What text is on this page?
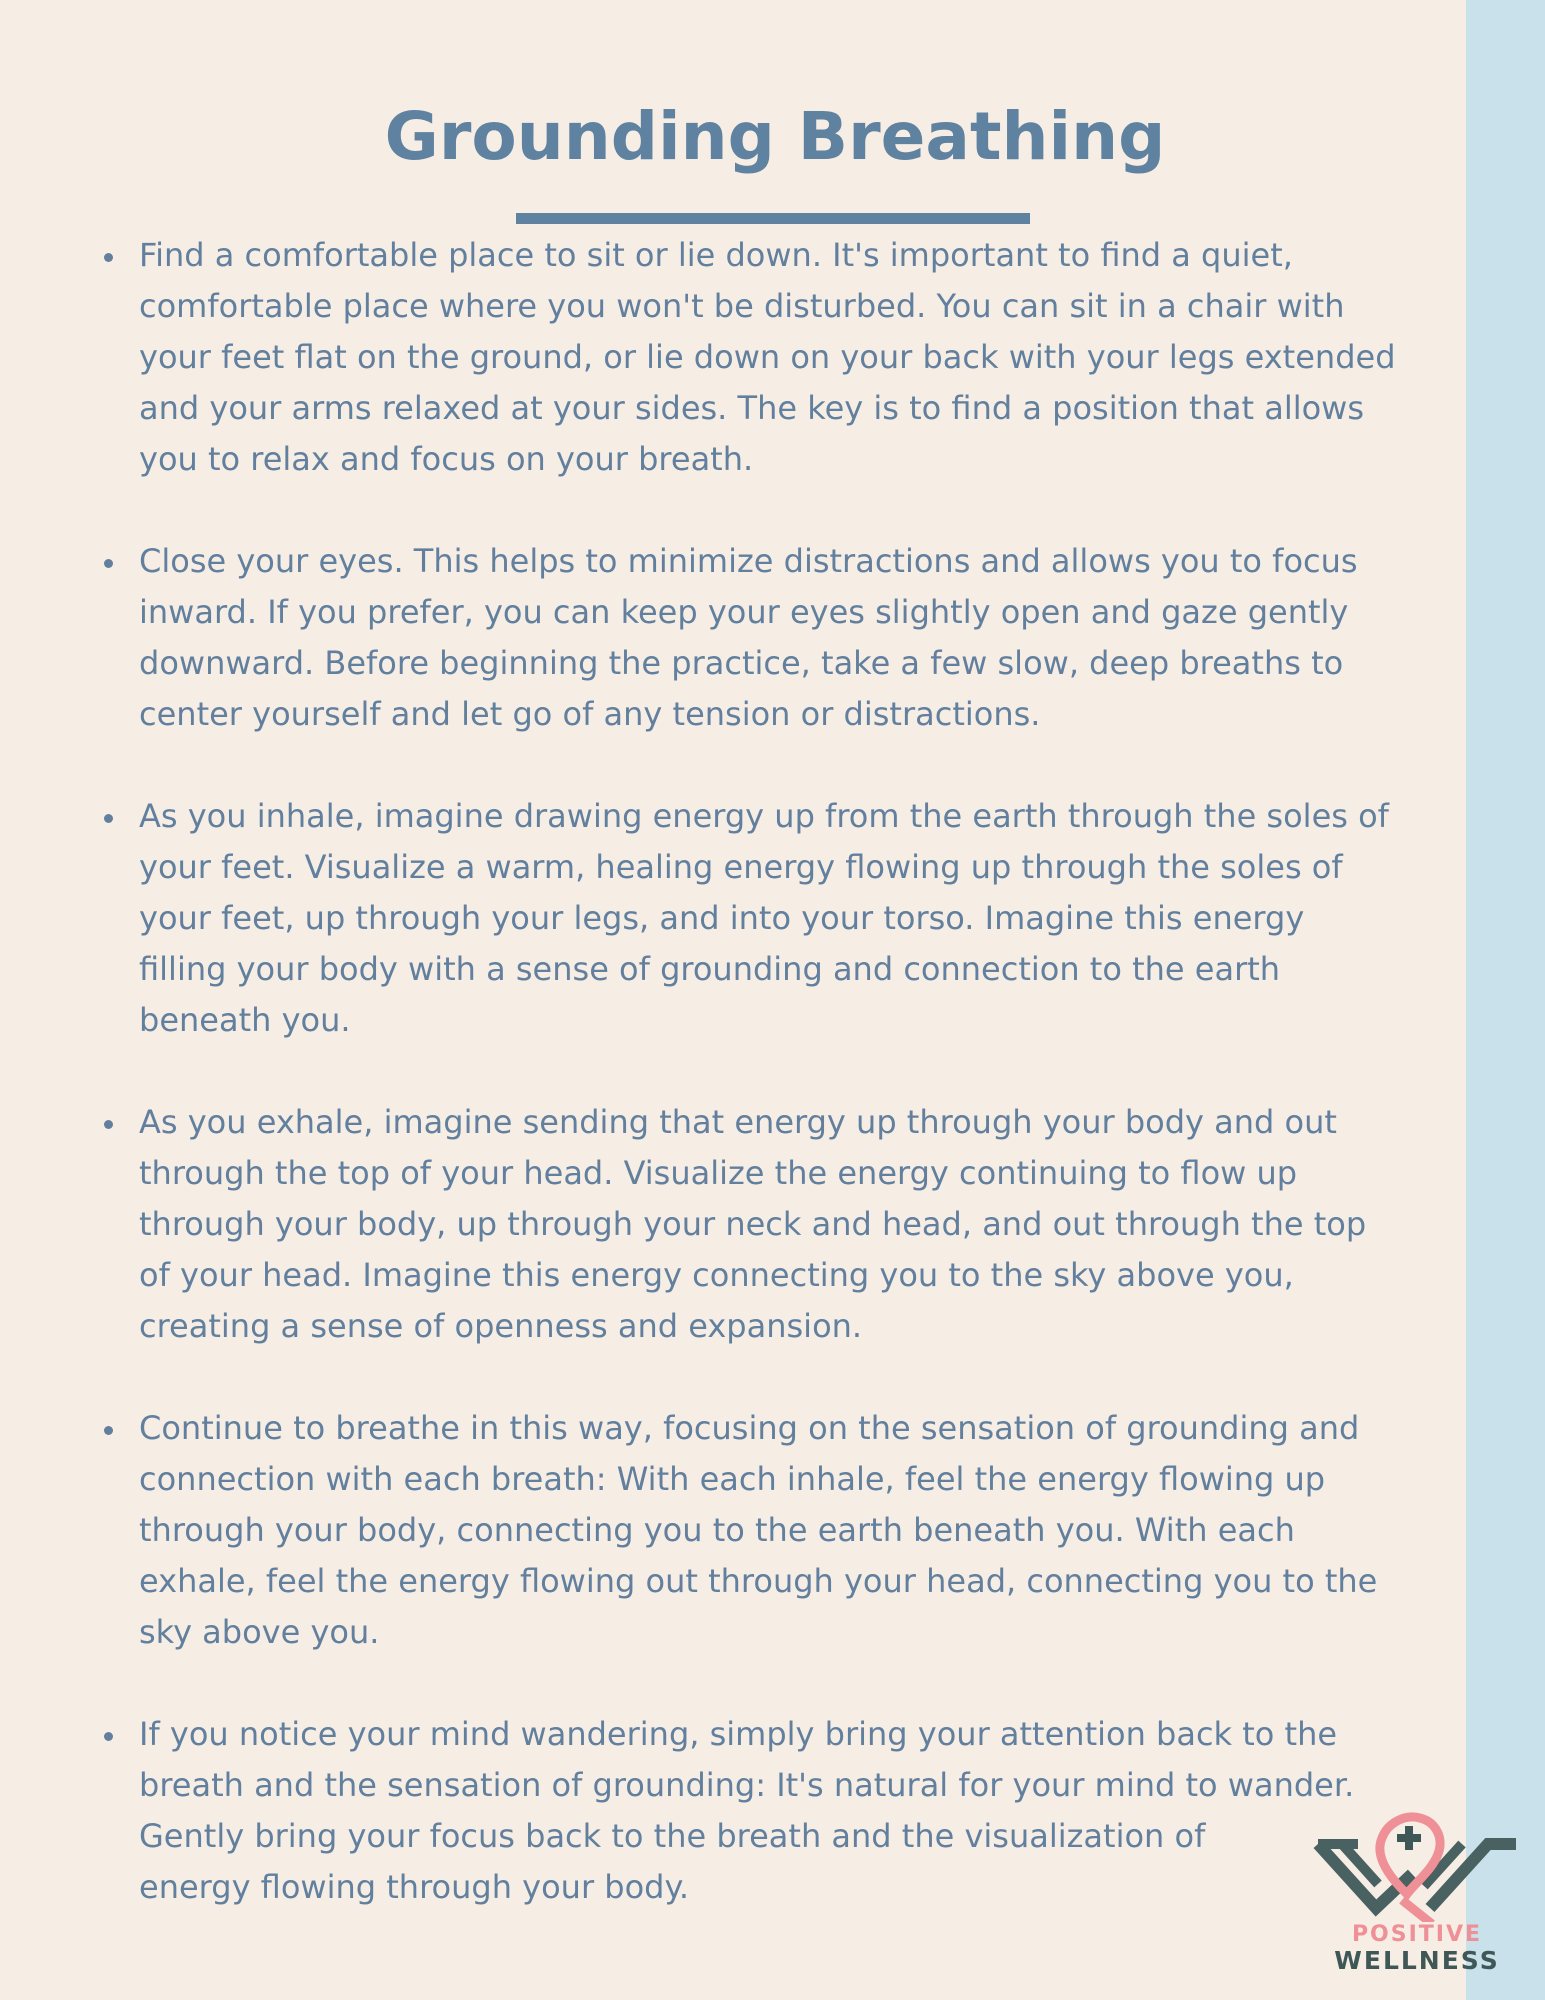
Grounding Breathing
Find a comfortable place to sit or lie down. It's important to find a quiet,
comfortable place where you won't be disturbed. You can sit in a chair with
your feet flat on the ground, or lie down on your back with your legs extended
and your arms relaxed at your sides. The key is to find a position that allows
you to relax and focus on your breath.
Close your eyes. This helps to minimize distractions and allows you to focus
inward. If you prefer, you can keep your eyes slightly open and gaze gently
downward. Before beginning the practice, take a few slow, deep breaths to
center yourself and let go of any tension or distractions.
As you inhale, imagine drawing energy up from the earth through the soles of
your feet. Visualize a warm, healing energy flowing up through the soles of
your feet, up through your legs, and into your torso. Imagine this energy
filling your body with a sense of grounding and connection to the earth
beneath you.
As you exhale, imagine sending that energy up through your body and out
through the top of your head. Visualize the energy continuing to flow up
through your body, up through your neck and head, and out through the top
of your head. Imagine this energy connecting you to the sky above you,
creating a sense of openness and expansion.
Continue to breathe in this way, focusing on the sensation of grounding and
connection with each breath: With each inhale, feel the energy flowing up
through your body, connecting you to the earth beneath you. With each
exhale, feel the energy flowing out through your head, connecting you to the
sky above you.
If you notice your mind wandering, simply bring your attention back to the
breath and the sensation of grounding: It's natural for your mind to wander.
Gently bring your focus back to the breath and the visualization of
energy flowing through your body.
POSITIVE
WELLNESS
